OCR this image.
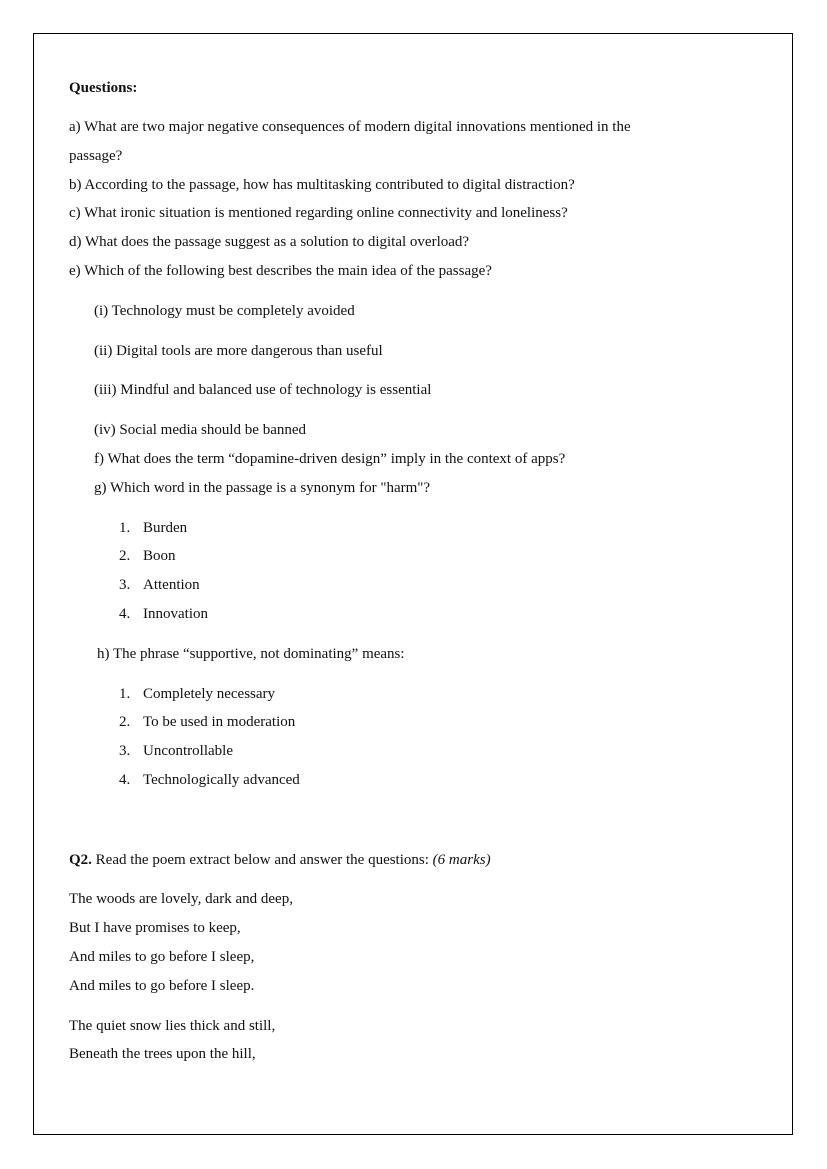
Questions:

a) What are two major negative consequences of modern digital innovations mentioned in the

passage?

b) According to the passage, how has multitasking contributed to digital distraction?

c) What ironic situation is mentioned regarding online connectivity and loneliness?

d) What does the passage suggest as a solution to digital overload?

e) Which of the following best describes the main idea of the passage?

(i) Technology must be completely avoided

(ii) Digital tools are more dangerous than useful

(iii) Mindful and balanced use of technology is essential

(iv) Social media should be banned

f) What does the term “dopamine-driven design” imply in the context of apps?

g) Which word in the passage is a synonym for "harm"?

1. Burden
2. Boon
3. Attention
4. Innovation

h) The phrase “supportive, not dominating” means:

1. Completely necessary
2. To be used in moderation
3. Uncontrollable
4. Technologically advanced

Q2. Read the poem extract below and answer the questions: (6 marks)

The woods are lovely, dark and deep,

But I have promises to keep,

And miles to go before I sleep,

And miles to go before I sleep.

The quiet snow lies thick and still,

Beneath the trees upon the hill,
